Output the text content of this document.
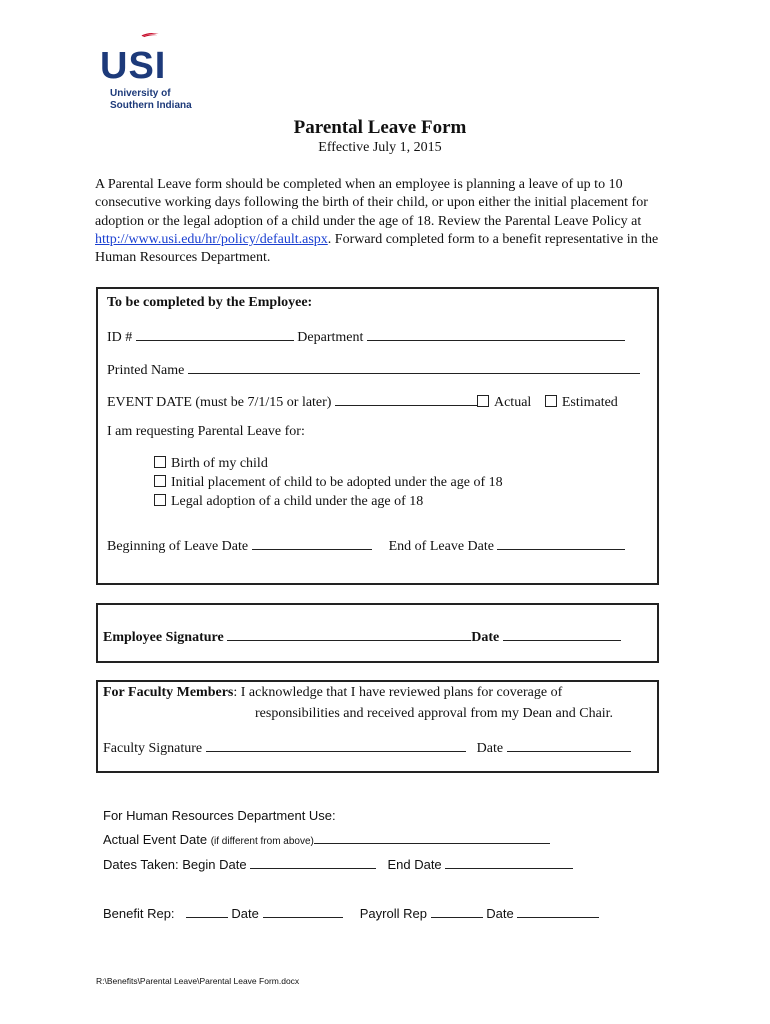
USI
University of
Southern Indiana
Parental Leave Form
Effective July 1, 2015
A Parental Leave form should be completed when an employee is planning a leave of up to 10 consecutive working days following the birth of their child, or upon either the initial placement for adoption or the legal adoption of a child under the age of 18. Review the Parental Leave Policy at http://www.usi.edu/hr/policy/default.aspx. Forward completed form to a benefit representative in the Human Resources Department.
To be completed by the Employee:
ID #	Department
Printed Name
EVENT DATE (must be 7/1/15 or later)	Actual Estimated
I am requesting Parental Leave for:
Birth of my child
Initial placement of child to be adopted under the age of 18
Legal adoption of a child under the age of 18
Beginning of Leave Date	End of Leave Date
Employee Signature	Date
For Faculty Members: I acknowledge that I have reviewed plans for coverage of
responsibilities and received approval from my Dean and Chair.
Faculty Signature	Date
For Human Resources Department Use:
Actual Event Date (if different from above)
Dates Taken: Begin Date	End Date
Benefit Rep:	Date	Payroll Rep	Date
R:\Benefits\Parental Leave\Parental Leave Form.docx
